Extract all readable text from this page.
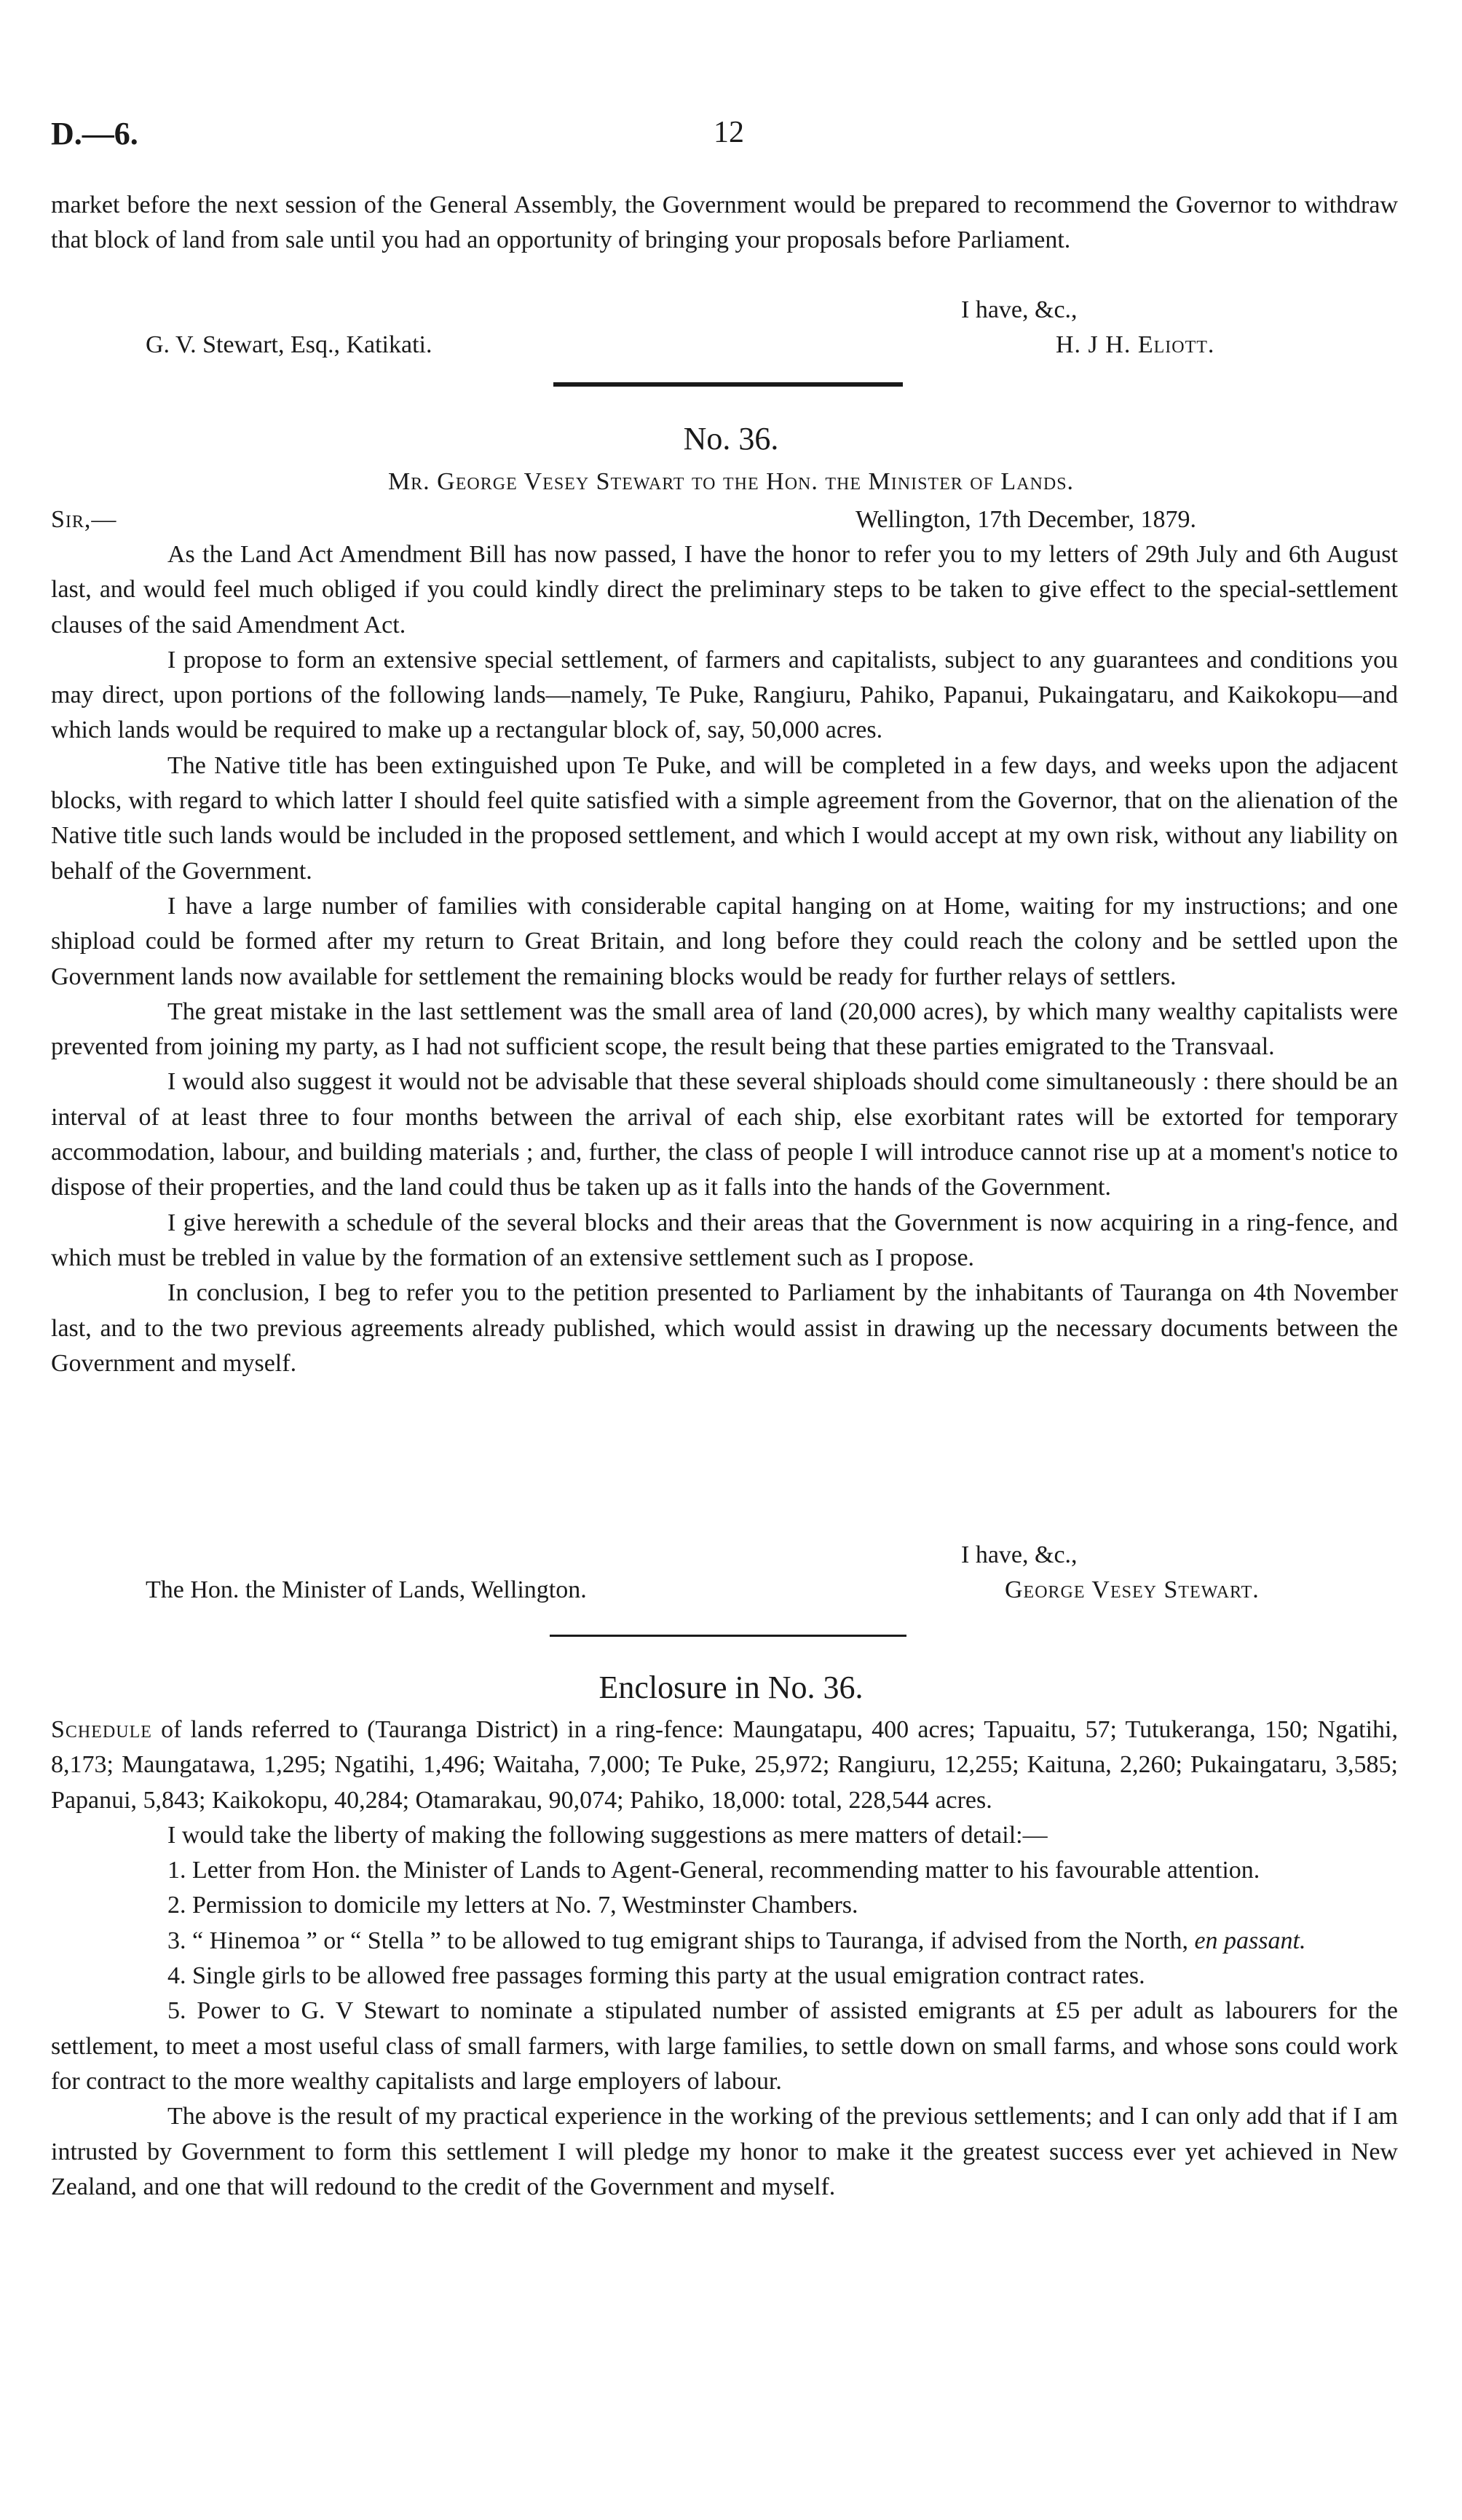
D.—6.	12

market before the next session of the General Assembly, the Government would be prepared to recommend the Governor to withdraw that block of land from sale until you had an opportunity of bringing your proposals before Parliament.

I have, &c.,
G. V. Stewart, Esq., Katikati.	H. J H. Eliott.
No. 36.
Mr. George Vesey Stewart to the Hon. the Minister of Lands.
Sir,—	Wellington, 17th December, 1879.

As the Land Act Amendment Bill has now passed, I have the honor to refer you to my letters of 29th July and 6th August last, and would feel much obliged if you could kindly direct the preliminary steps to be taken to give effect to the special-settlement clauses of the said Amendment Act.

I propose to form an extensive special settlement, of farmers and capitalists, subject to any guarantees and conditions you may direct, upon portions of the following lands—namely, Te Puke, Rangiuru, Pahiko, Papanui, Pukaingataru, and Kaikokopu—and which lands would be required to make up a rectangular block of, say, 50,000 acres.

The Native title has been extinguished upon Te Puke, and will be completed in a few days, and weeks upon the adjacent blocks, with regard to which latter I should feel quite satisfied with a simple agreement from the Governor, that on the alienation of the Native title such lands would be included in the proposed settlement, and which I would accept at my own risk, without any liability on behalf of the Government.

I have a large number of families with considerable capital hanging on at Home, waiting for my instructions; and one shipload could be formed after my return to Great Britain, and long before they could reach the colony and be settled upon the Government lands now available for settlement the remaining blocks would be ready for further relays of settlers.

The great mistake in the last settlement was the small area of land (20,000 acres), by which many wealthy capitalists were prevented from joining my party, as I had not sufficient scope, the result being that these parties emigrated to the Transvaal.

I would also suggest it would not be advisable that these several shiploads should come simultaneously : there should be an interval of at least three to four months between the arrival of each ship, else exorbitant rates will be extorted for temporary accommodation, labour, and building materials ; and, further, the class of people I will introduce cannot rise up at a moment's notice to dispose of their properties, and the land could thus be taken up as it falls into the hands of the Government.

I give herewith a schedule of the several blocks and their areas that the Government is now acquiring in a ring-fence, and which must be trebled in value by the formation of an extensive settlement such as I propose.

In conclusion, I beg to refer you to the petition presented to Parliament by the inhabitants of Tauranga on 4th November last, and to the two previous agreements already published, which would assist in drawing up the necessary documents between the Government and myself.

I have, &c.,
The Hon. the Minister of Lands, Wellington.	George Vesey Stewart.
Enclosure in No. 36.

Schedule of lands referred to (Tauranga District) in a ring-fence: Maungatapu, 400 acres; Tapuaitu, 57; Tutukeranga, 150; Ngatihi, 8,173; Maungatawa, 1,295; Ngatihi, 1,496; Waitaha, 7,000; Te Puke, 25,972; Rangiuru, 12,255; Kaituna, 2,260; Pukaingataru, 3,585; Papanui, 5,843; Kaikokopu, 40,284; Otamarakau, 90,074; Pahiko, 18,000: total, 228,544 acres.

I would take the liberty of making the following suggestions as mere matters of detail:—

1. Letter from Hon. the Minister of Lands to Agent-General, recommending matter to his favourable attention.

2. Permission to domicile my letters at No. 7, Westminster Chambers.

3. “ Hinemoa ” or “ Stella ” to be allowed to tug emigrant ships to Tauranga, if advised from the North, en passant.

4. Single girls to be allowed free passages forming this party at the usual emigration contract rates.

5. Power to G. V Stewart to nominate a stipulated number of assisted emigrants at £5 per adult as labourers for the settlement, to meet a most useful class of small farmers, with large families, to settle down on small farms, and whose sons could work for contract to the more wealthy capitalists and large employers of labour.

The above is the result of my practical experience in the working of the previous settlements; and I can only add that if I am intrusted by Government to form this settlement I will pledge my honor to make it the greatest success ever yet achieved in New Zealand, and one that will redound to the credit of the Government and myself.
